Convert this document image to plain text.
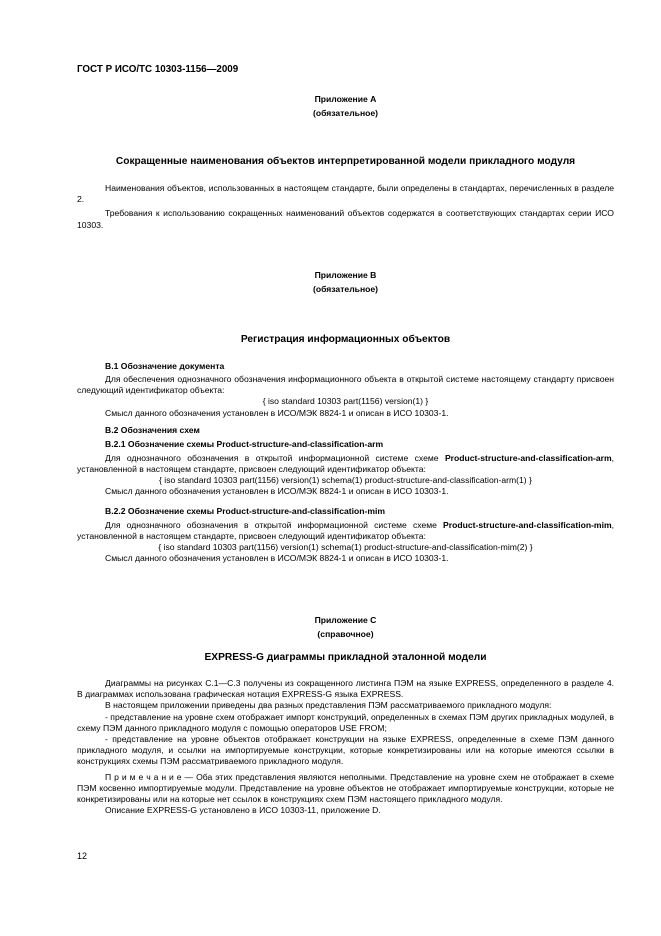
ГОСТ Р ИСО/ТС 10303-1156—2009
Приложение А
(обязательное)
Сокращенные наименования объектов интерпретированной модели прикладного модуля
Наименования объектов, использованных в настоящем стандарте, были определены в стандартах, перечисленных в разделе 2.
Требования к использованию сокращенных наименований объектов содержатся в соответствующих стандартах серии ИСО 10303.
Приложение В
(обязательное)
Регистрация информационных объектов
В.1 Обозначение документа
Для обеспечения однозначного обозначения информационного объекта в открытой системе настоящему стандарту присвоен следующий идентификатор объекта:
{ iso standard 10303 part(1156) version(1) }
Смысл данного обозначения установлен в ИСО/МЭК 8824-1 и описан в ИСО 10303-1.
В.2 Обозначения схем
В.2.1 Обозначение схемы Product-structure-and-classification-arm
Для однозначного обозначения в открытой информационной системе схеме Product-structure-and-classification-arm, установленной в настоящем стандарте, присвоен следующий идентификатор объекта:
{ iso standard 10303 part(1156) version(1) schema(1) product-structure-and-classification-arm(1) }
Смысл данного обозначения установлен в ИСО/МЭК 8824-1 и описан в ИСО 10303-1.
В.2.2 Обозначение схемы Product-structure-and-classification-mim
Для однозначного обозначения в открытой информационной системе схеме Product-structure-and-classification-mim, установленной в настоящем стандарте, присвоен следующий идентификатор объекта:
{ iso standard 10303 part(1156) version(1) schema(1) product-structure-and-classification-mim(2) }
Смысл данного обозначения установлен в ИСО/МЭК 8824-1 и описан в ИСО 10303-1.
Приложение С
(справочное)
EXPRESS-G диаграммы прикладной эталонной модели
Диаграммы на рисунках С.1—С.3 получены из сокращенного листинга ПЭМ на языке EXPRESS, определенного в разделе 4. В диаграммах использована графическая нотация EXPRESS-G языка EXPRESS.
В настоящем приложении приведены два разных представления ПЭМ рассматриваемого прикладного модуля:
- представление на уровне схем отображает импорт конструкций, определенных в схемах ПЭМ других прикладных модулей, в схему ПЭМ данного прикладного модуля с помощью операторов USE FROM;
- представление на уровне объектов отображает конструкции на языке EXPRESS, определенные в схеме ПЭМ данного прикладного модуля, и ссылки на импортируемые конструкции, которые конкретизированы или на которые имеются ссылки в конструкциях схемы ПЭМ рассматриваемого прикладного модуля.
П р и м е ч а н и е — Оба этих представления являются неполными. Представление на уровне схем не отображает в схеме ПЭМ косвенно импортируемые модули. Представление на уровне объектов не отображает импортируемые конструкции, которые не конкретизированы или на которые нет ссылок в конструкциях схем ПЭМ настоящего прикладного модуля.
Описание EXPRESS-G установлено в ИСО 10303-11, приложение D.
12
